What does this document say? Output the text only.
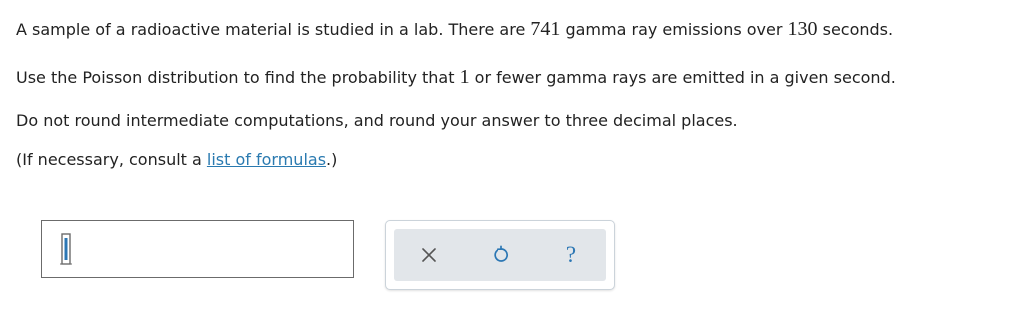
A sample of a radioactive material is studied in a lab. There are 741 gamma ray emissions over 130 seconds.

Use the Poisson distribution to find the probability that 1 or fewer gamma rays are emitted in a given second.

Do not round intermediate computations, and round your answer to three decimal places.

(If necessary, consult a list of formulas.)

?
